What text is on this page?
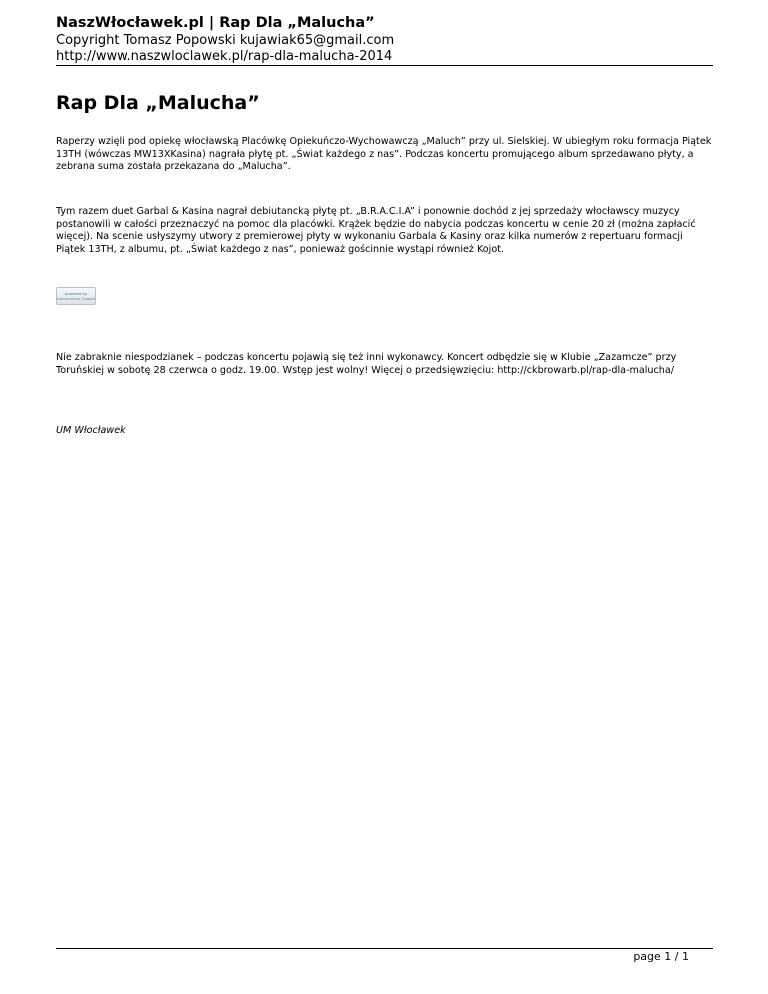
NaszWłocławek.pl | Rap Dla „Malucha”
Copyright Tomasz Popowski kujawiak65@gmail.com
http://www.naszwloclawek.pl/rap-dla-malucha-2014
Rap Dla „Malucha”

Raperzy wzięli pod opiekę włocławską Placówkę Opiekuńczo-Wychowawczą „Maluch” przy ul. Sielskiej. W ubiegłym roku formacja Piątek 13TH (wówczas MW13XKasina) nagrała płytę pt. „Świat każdego z nas”. Podczas koncertu promującego album sprzedawano płyty, a zebrana suma została przekazana do „Malucha”.

Tym razem duet Garbal & Kasina nagrał debiutancką płytę pt. „B.R.A.C.I.A” i ponownie dochód z jej sprzedaży włocławscy muzycy postanowili w całości przeznaczyć na pomoc dla placówki. Krążek będzie do nabycia podczas koncertu w cenie 20 zł (można zapłacić więcej). Na scenie usłyszymy utwory z premierowej płyty w wykonaniu Garbala & Kasiny oraz kilka numerów z repertuaru formacji Piątek 13TH, z albumu, pt. „Świat każdego z nas”, ponieważ gościnnie wystąpi również Kojot.

powered by
tłumaczenie Google

Nie zabraknie niespodzianek – podczas koncertu pojawią się też inni wykonawcy. Koncert odbędzie się w Klubie „Zazamcze” przy Toruńskiej w sobotę 28 czerwca o godz. 19.00. Wstęp jest wolny! Więcej o przedsięwzięciu: http://ckbrowarb.pl/rap-dla-malucha/

UM Włocławek
page 1 / 1
